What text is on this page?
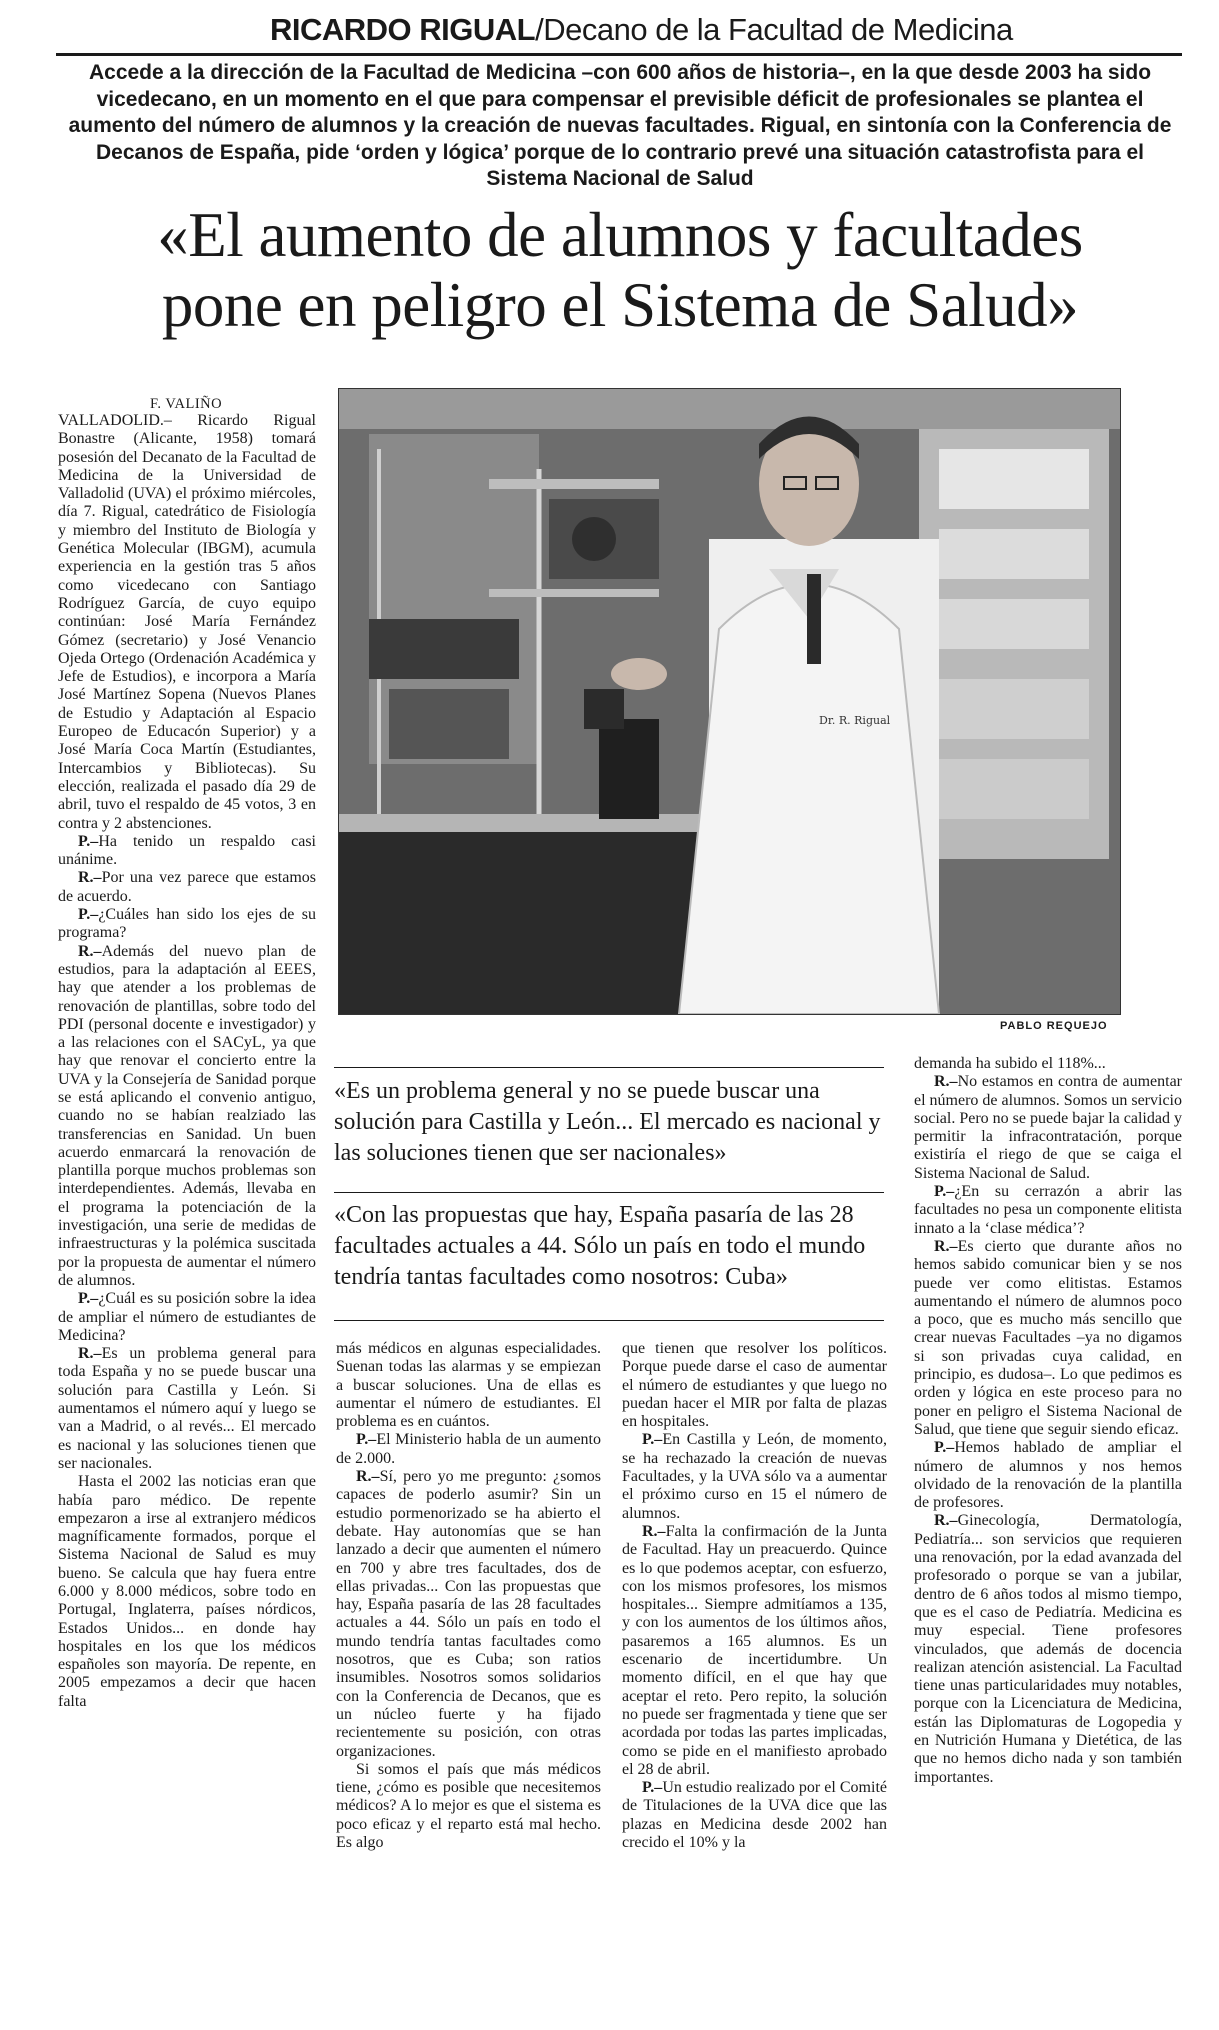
RICARDO RIGUAL/Decano de la Facultad de Medicina
Accede a la dirección de la Facultad de Medicina –con 600 años de historia–, en la que desde 2003 ha sido vicedecano, en un momento en el que para compensar el previsible déficit de profesionales se plantea el aumento del número de alumnos y la creación de nuevas facultades. Rigual, en sintonía con la Conferencia de Decanos de España, pide ‘orden y lógica’ porque de lo contrario prevé una situación catastrofista para el Sistema Nacional de Salud
«El aumento de alumnos y facultades
pone en peligro el Sistema de Salud»
F. VALIÑO

VALLADOLID.– Ricardo Rigual Bonastre (Alicante, 1958) tomará posesión del Decanato de la Facultad de Medicina de la Universidad de Valladolid (UVA) el próximo miércoles, día 7. Rigual, catedrático de Fisiología y miembro del Instituto de Biología y Genética Molecular (IBGM), acumula experiencia en la gestión tras 5 años como vicedecano con Santiago Rodríguez García, de cuyo equipo continúan: José María Fernández Gómez (secretario) y José Venancio Ojeda Ortego (Ordenación Académica y Jefe de Estudios), e incorpora a María José Martínez Sopena (Nuevos Planes de Estudio y Adaptación al Espacio Europeo de Educacón Superior) y a José María Coca Martín (Estudiantes, Intercambios y Bibliotecas). Su elección, realizada el pasado día 29 de abril, tuvo el respaldo de 45 votos, 3 en contra y 2 abstenciones.

P.–Ha tenido un respaldo casi unánime.

R.–Por una vez parece que estamos de acuerdo.

P.–¿Cuáles han sido los ejes de su programa?

R.–Además del nuevo plan de estudios, para la adaptación al EEES, hay que atender a los problemas de renovación de plantillas, sobre todo del PDI (personal docente e investigador) y a las relaciones con el SACyL, ya que hay que renovar el concierto entre la UVA y la Consejería de Sanidad porque se está aplicando el convenio antiguo, cuando no se habían realziado las transferencias en Sanidad. Un buen acuerdo enmarcará la renovación de plantilla porque muchos problemas son interdependientes. Además, llevaba en el programa la potenciación de la investigación, una serie de medidas de infraestructuras y la polémica suscitada por la propuesta de aumentar el número de alumnos.

P.–¿Cuál es su posición sobre la idea de ampliar el número de estudiantes de Medicina?

R.–Es un problema general para toda España y no se puede buscar una solución para Castilla y León. Si aumentamos el número aquí y luego se van a Madrid, o al revés... El mercado es nacional y las soluciones tienen que ser nacionales.

Hasta el 2002 las noticias eran que había paro médico. De repente empezaron a irse al extranjero médicos magníficamente formados, porque el Sistema Nacional de Salud es muy bueno. Se calcula que hay fuera entre 6.000 y 8.000 médicos, sobre todo en Portugal, Inglaterra, países nórdicos, Estados Unidos... en donde hay hospitales en los que los médicos españoles son mayoría. De repente, en 2005 empezamos a decir que hacen falta

Dr. R. Rigual
PABLO REQUEJO
«Es un problema general y no se puede buscar una solución para Castilla y León... El mercado es nacional y las soluciones tienen que ser nacionales»
«Con las propuestas que hay, España pasaría de las 28 facultades actuales a 44. Sólo un país en todo el mundo tendría tantas facultades como nosotros: Cuba»

más médicos en algunas especialidades. Suenan todas las alarmas y se empiezan a buscar soluciones. Una de ellas es aumentar el número de estudiantes. El problema es en cuántos.

P.–El Ministerio habla de un aumento de 2.000.

R.–Sí, pero yo me pregunto: ¿somos capaces de poderlo asumir? Sin un estudio pormenorizado se ha abierto el debate. Hay autonomías que se han lanzado a decir que aumenten el número en 700 y abre tres facultades, dos de ellas privadas... Con las propuestas que hay, España pasaría de las 28 facultades actuales a 44. Sólo un país en todo el mundo tendría tantas facultades como nosotros, que es Cuba; son ratios insumibles. Nosotros somos solidarios con la Conferencia de Decanos, que es un núcleo fuerte y ha fijado recientemente su posición, con otras organizaciones.

Si somos el país que más médicos tiene, ¿cómo es posible que necesitemos médicos? A lo mejor es que el sistema es poco eficaz y el reparto está mal hecho. Es algo

que tienen que resolver los políticos. Porque puede darse el caso de aumentar el número de estudiantes y que luego no puedan hacer el MIR por falta de plazas en hospitales.

P.–En Castilla y León, de momento, se ha rechazado la creación de nuevas Facultades, y la UVA sólo va a aumentar el próximo curso en 15 el número de alumnos.

R.–Falta la confirmación de la Junta de Facultad. Hay un preacuerdo. Quince es lo que podemos aceptar, con esfuerzo, con los mismos profesores, los mismos hospitales... Siempre admitíamos a 135, y con los aumentos de los últimos años, pasaremos a 165 alumnos. Es un escenario de incertidumbre. Un momento difícil, en el que hay que aceptar el reto. Pero repito, la solución no puede ser fragmentada y tiene que ser acordada por todas las partes implicadas, como se pide en el manifiesto aprobado el 28 de abril.

P.–Un estudio realizado por el Comité de Titulaciones de la UVA dice que las plazas en Medicina desde 2002 han crecido el 10% y la

demanda ha subido el 118%...

R.–No estamos en contra de aumentar el número de alumnos. Somos un servicio social. Pero no se puede bajar la calidad y permitir la infracontratación, porque existiría el riego de que se caiga el Sistema Nacional de Salud.

P.–¿En su cerrazón a abrir las facultades no pesa un componente elitista innato a la ‘clase médica’?

R.–Es cierto que durante años no hemos sabido comunicar bien y se nos puede ver como elitistas. Estamos aumentando el número de alumnos poco a poco, que es mucho más sencillo que crear nuevas Facultades –ya no digamos si son privadas cuya calidad, en principio, es dudosa–. Lo que pedimos es orden y lógica en este proceso para no poner en peligro el Sistema Nacional de Salud, que tiene que seguir siendo eficaz.

P.–Hemos hablado de ampliar el número de alumnos y nos hemos olvidado de la renovación de la plantilla de profesores.

R.–Ginecología, Dermatología, Pediatría... son servicios que requieren una renovación, por la edad avanzada del profesorado o porque se van a jubilar, dentro de 6 años todos al mismo tiempo, que es el caso de Pediatría. Medicina es muy especial. Tiene profesores vinculados, que además de docencia realizan atención asistencial. La Facultad tiene unas particularidades muy notables, porque con la Licenciatura de Medicina, están las Diplomaturas de Logopedia y en Nutrición Humana y Dietética, de las que no hemos dicho nada y son también importantes.
